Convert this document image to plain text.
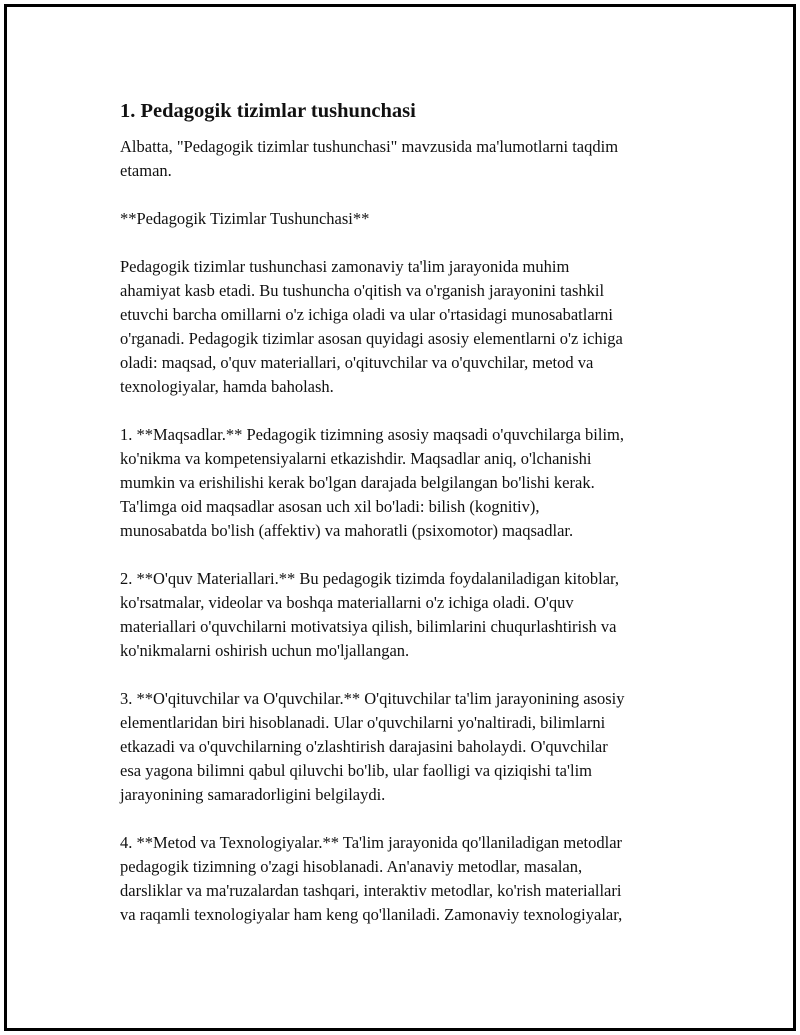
1. Pedagogik tizimlar tushunchasi

Albatta, "Pedagogik tizimlar tushunchasi" mavzusida ma'lumotlarni taqdim
etaman.

**Pedagogik Tizimlar Tushunchasi**

Pedagogik tizimlar tushunchasi zamonaviy ta'lim jarayonida muhim
ahamiyat kasb etadi. Bu tushuncha o'qitish va o'rganish jarayonini tashkil
etuvchi barcha omillarni o'z ichiga oladi va ular o'rtasidagi munosabatlarni
o'rganadi. Pedagogik tizimlar asosan quyidagi asosiy elementlarni o'z ichiga
oladi: maqsad, o'quv materiallari, o'qituvchilar va o'quvchilar, metod va
texnologiyalar, hamda baholash.

1. **Maqsadlar.** Pedagogik tizimning asosiy maqsadi o'quvchilarga bilim,
ko'nikma va kompetensiyalarni etkazishdir. Maqsadlar aniq, o'lchanishi
mumkin va erishilishi kerak bo'lgan darajada belgilangan bo'lishi kerak.
Ta'limga oid maqsadlar asosan uch xil bo'ladi: bilish (kognitiv),
munosabatda bo'lish (affektiv) va mahoratli (psixomotor) maqsadlar.

2. **O'quv Materiallari.** Bu pedagogik tizimda foydalaniladigan kitoblar,
ko'rsatmalar, videolar va boshqa materiallarni o'z ichiga oladi. O'quv
materiallari o'quvchilarni motivatsiya qilish, bilimlarini chuqurlashtirish va
ko'nikmalarni oshirish uchun mo'ljallangan.

3. **O'qituvchilar va O'quvchilar.** O'qituvchilar ta'lim jarayonining asosiy
elementlaridan biri hisoblanadi. Ular o'quvchilarni yo'naltiradi, bilimlarni
etkazadi va o'quvchilarning o'zlashtirish darajasini baholaydi. O'quvchilar
esa yagona bilimni qabul qiluvchi bo'lib, ular faolligi va qiziqishi ta'lim
jarayonining samaradorligini belgilaydi.

4. **Metod va Texnologiyalar.** Ta'lim jarayonida qo'llaniladigan metodlar
pedagogik tizimning o'zagi hisoblanadi. An'anaviy metodlar, masalan,
darsliklar va ma'ruzalardan tashqari, interaktiv metodlar, ko'rish materiallari
va raqamli texnologiyalar ham keng qo'llaniladi. Zamonaviy texnologiyalar,
